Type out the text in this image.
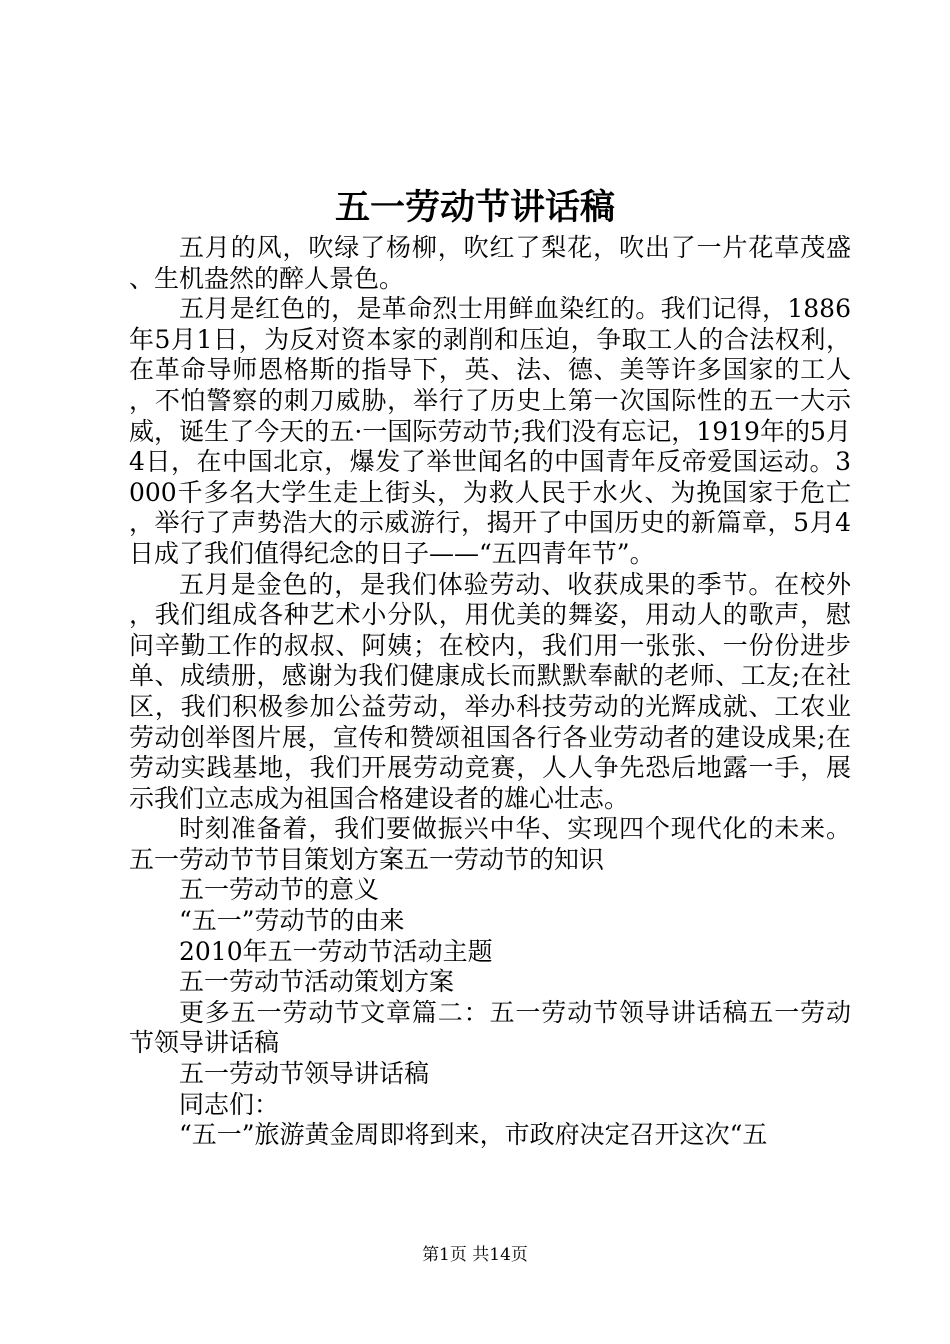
五一劳动节讲话稿

五月的风，吹绿了杨柳，吹红了梨花，吹出了一片花草茂盛、生机盎然的醉人景色。

五月是红色的，是革命烈士用鲜血染红的。我们记得，1886年5月1日，为反对资本家的剥削和压迫，争取工人的合法权利，在革命导师恩格斯的指导下，英、法、德、美等许多国家的工人，不怕警察的刺刀威胁，举行了历史上第一次国际性的五一大示威，诞生了今天的五·一国际劳动节;我们没有忘记，1919年的5月4日，在中国北京，爆发了举世闻名的中国青年反帝爱国运动。3000千多名大学生走上街头，为救人民于水火、为挽国家于危亡，举行了声势浩大的示威游行，揭开了中国历史的新篇章，5月4日成了我们值得纪念的日子——“五四青年节”。

五月是金色的，是我们体验劳动、收获成果的季节。在校外，我们组成各种艺术小分队，用优美的舞姿，用动人的歌声，慰问辛勤工作的叔叔、阿姨；在校内，我们用一张张、一份份进步单、成绩册，感谢为我们健康成长而默默奉献的老师、工友;在社区，我们积极参加公益劳动，举办科技劳动的光辉成就、工农业劳动创举图片展，宣传和赞颂祖国各行各业劳动者的建设成果;在劳动实践基地，我们开展劳动竞赛，人人争先恐后地露一手，展示我们立志成为祖国合格建设者的雄心壮志。

时刻准备着，我们要做振兴中华、实现四个现代化的未来。五一劳动节节目策划方案五一劳动节的知识

五一劳动节的意义

“五一”劳动节的由来

2010年五一劳动节活动主题

五一劳动节活动策划方案

更多五一劳动节文章篇二：五一劳动节领导讲话稿五一劳动节领导讲话稿

五一劳动节领导讲话稿

同志们：

“五一”旅游黄金周即将到来，市政府决定召开这次“五

第1页 共14页
